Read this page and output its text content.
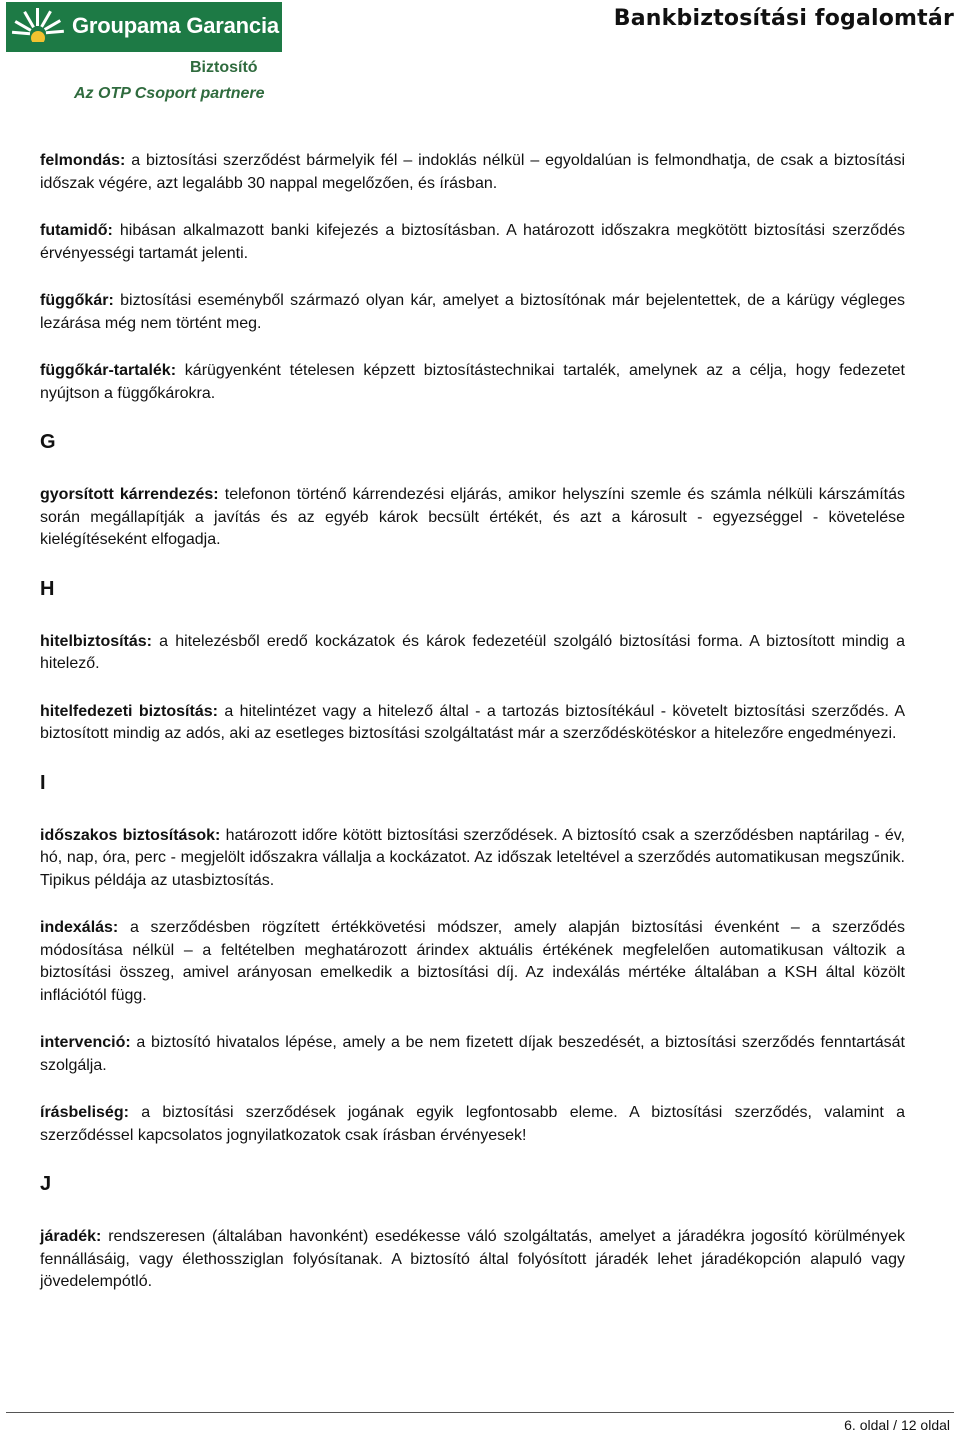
Groupama Garancia
Biztosító
Az OTP Csoport partnere
Bankbiztosítási fogalomtár

felmondás: a biztosítási szerződést bármelyik fél – indoklás nélkül – egyoldalúan is felmondhatja, de csak a biztosítási időszak végére, azt legalább 30 nappal megelőzően, és írásban.

futamidő: hibásan alkalmazott banki kifejezés a biztosításban. A határozott időszakra megkötött biztosítási szerződés érvényességi tartamát jelenti.

függőkár: biztosítási eseményből származó olyan kár, amelyet a biztosítónak már bejelentettek, de a kárügy végleges lezárása még nem történt meg.

függőkár-tartalék: kárügyenként tételesen képzett biztosítástechnikai tartalék, amelynek az a célja, hogy fedezetet nyújtson a függőkárokra.

G

gyorsított kárrendezés: telefonon történő kárrendezési eljárás, amikor helyszíni szemle és számla nélküli kárszámítás során megállapítják a javítás és az egyéb károk becsült értékét, és azt a károsult - egyezséggel - követelése kielégítéseként elfogadja.

H

hitelbiztosítás: a hitelezésből eredő kockázatok és károk fedezetéül szolgáló biztosítási forma. A biztosított mindig a hitelező.

hitelfedezeti biztosítás: a hitelintézet vagy a hitelező által - a tartozás biztosítékául - követelt biztosítási szerződés. A biztosított mindig az adós, aki az esetleges biztosítási szolgáltatást már a szerződéskötéskor a hitelezőre engedményezi.

I

időszakos biztosítások: határozott időre kötött biztosítási szerződések. A biztosító csak a szerződésben naptárilag - év, hó, nap, óra, perc - megjelölt időszakra vállalja a kockázatot. Az időszak leteltével a szerződés automatikusan megszűnik. Tipikus példája az utasbiztosítás.

indexálás: a szerződésben rögzített értékkövetési módszer, amely alapján biztosítási évenként – a szerződés módosítása nélkül – a feltételben meghatározott árindex aktuális értékének megfelelően automatikusan változik a biztosítási összeg, amivel arányosan emelkedik a biztosítási díj. Az indexálás mértéke általában a KSH által közölt inflációtól függ.

intervenció: a biztosító hivatalos lépése, amely a be nem fizetett díjak beszedését, a biztosítási szerződés fenntartását szolgálja.

írásbeliség: a biztosítási szerződések jogának egyik legfontosabb eleme. A biztosítási szerződés, valamint a szerződéssel kapcsolatos jognyilatkozatok csak írásban érvényesek!

J

járadék: rendszeresen (általában havonként) esedékesse váló szolgáltatás, amelyet a járadékra jogosító körülmények fennállásáig, vagy élethossziglan folyósítanak. A biztosító által folyósított járadék lehet járadékopción alapuló vagy jövedelempótló.

6. oldal / 12 oldal
